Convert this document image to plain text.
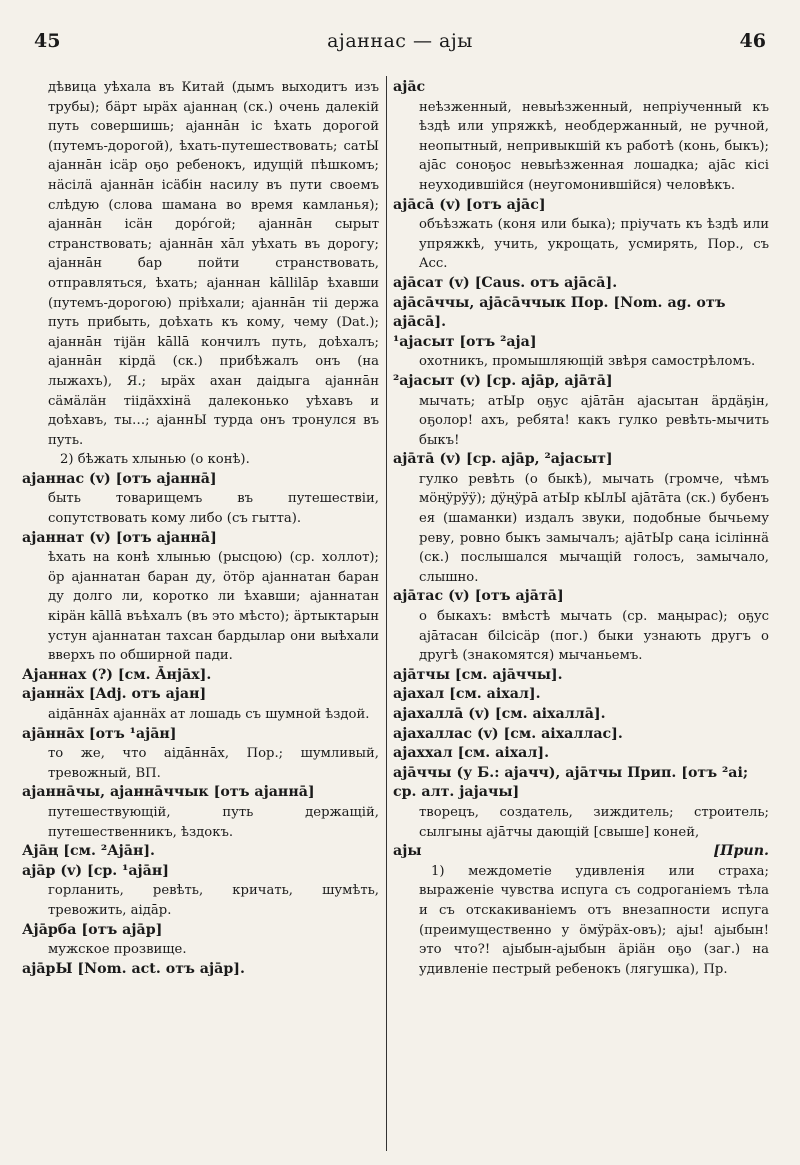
45	ајаннас — ајы	46
дѣвица уѣхала въ Китай (дымъ выходитъ изъ трубы); бäрт ырäх ајаннаң (ск.) очень далекій путь совершишь; ајаннāн іс ѣхать дорогой (путемъ-дорогой), ѣхать-путешествовать; сатЫ ајаннāн ісäр оҕо ребенокъ, идущій пѣшкомъ; нäсілä ајаннāн ісäбін насилу въ пути своемъ слѣдую (слова шамана во время камланья); ајаннāн ісäн дорóгой; ајаннāн сырыт странствовать; ајаннāн хāл уѣхать въ дорогу; ајаннāн бар пойти странствовать, отправляться, ѣхать; ајаннан kāllilāp ѣхавши (путемъ-дорогою) пріѣхали; ајаннāн тіі держа путь прибыть, доѣхать къ кому, чему (Dat.); ајаннāн тіјäн kāllā кончилъ путь, доѣхалъ; ајаннāн кірдä (ск.) прибѣжалъ онъ (на лыжахъ), Я.; ырäх ахан даідыга ајаннāн сäмäлäн тіідäххінä далеконько уѣхавъ и доѣхавъ, ты…; ајаннЫ турда онъ тронулся въ путь.
2) бѣжать хлынью (о конѣ).
ајаннас (v) [отъ ајаннā]
быть товарищемъ въ путешествіи, сопутствовать кому либо (съ гытта).
ајаннат (v) [отъ ајаннā]
ѣхать на конѣ хлынью (рысцою) (ср. холлот); öр ајаннатан баран ду, öтöр ајаннатан баран ду долго ли, коротко ли ѣхавши; ајаннатан кірäн kāllā въѣхалъ (въ это мѣсто); äртыктарын устун ајаннатан тахсан бардылар они выѣхали вверхъ по обширной пади.
Ајаннах (?) [см. Āнјāх].
ајаннäх [Adj. отъ ајан]
аідāннāх ајаннäх ат лошадь съ шумной ѣздой.
ајāннāх [отъ ¹ајāн]
то же, что аідāннāх, Пор.; шумливый, тревожный, ВП.
ајаннāчы, ајаннāччык [отъ ајаннā]
путешествующій, путь держащій, путешественникъ, ѣздокъ.
Ајāң [см. ²Ајāн].
ајāр (v) [ср. ¹ајāн]
горланить, ревѣть, кричать, шумѣть, тревожить, аідāр.
Ајāрба [отъ ајāр]
мужское прозвище.
ајāрЫ [Nom. act. отъ ајāр].
ајāс
неѣзженный, невыѣзженный, непріученный къ ѣздѣ или упряжкѣ, необдержанный, не ручной, неопытный, непривыкшій къ работѣ (конь, быкъ); ајāс соноҕос невыѣзженная лошадка; ајāс кісі неуходившійся (неугомонившійся) человѣкъ.
ајāсā (v) [отъ ајāс]
объѣзжать (коня или быка); пріучать къ ѣздѣ или упряжкѣ, учить, укрощать, усмирять, Пор., съ Acc.
ајāсат (v) [Caus. отъ ајāсā].
ајāсāччы, ајāсāччык Пор. [Nom. ag. отъ ајāсā].
¹ајасыт [отъ ²аја]
охотникъ, промышляющій звѣря самострѣломъ.
²ајасыт (v) [ср. ајāр, ајāтā]
мычать; атЫр оҕус ајāтāн ајасытан äрдäҕін, оҕолор! ахъ, ребята! какъ гулко ревѣть-мычить быкъ!
ајāтā (v) [ср. ајāр, ²ајасыт]
гулко ревѣть (о быкѣ), мычать (громче, чѣмъ мöңÿрÿÿ); дÿңÿрā атЫр кЫлЫ ајāтāта (ск.) бубенъ ея (шаманки) издалъ звуки, подобные бычьему реву, ровно быкъ замычалъ; ајāтЫр саңа ісіліннä (ск.) послышался мычащій голосъ, замычало, слышно.
ајāтас (v) [отъ ајāтā]
о быкахъ: вмѣстѣ мычать (ср. маңырас); оҕус ајāтасан біlсісäр (пог.) быки узнають другъ о другѣ (знакомятся) мычаньемъ.
ајāтчы [см. ајāччы].
ајахал [см. аіхал].
ајахаллā (v) [см. аіхаллā].
ајахаллас (v) [см. аіхаллас].
ајаххал [см. аіхал].
ајāччы (у Б.: ајачч), ајāтчы Прип. [отъ ²аі; ср. алт. јајачы]
творецъ, создатель, зиждитель; строитель; сылгыны ајāтчы дающій [свыше] коней,
ајы	[Прип.
1) междометіе удивленія или страха; выраженіе чувства испуга съ содроганіемъ тѣла и съ отскакиваніемъ отъ внезапности испуга (преимущественно у öмÿрäх-овъ); ајы! ајыбын! это что?! ајыбын-ајыбын äріäн оҕо (заг.) на удивленіе пестрый ребенокъ (лягушка), Пр.
